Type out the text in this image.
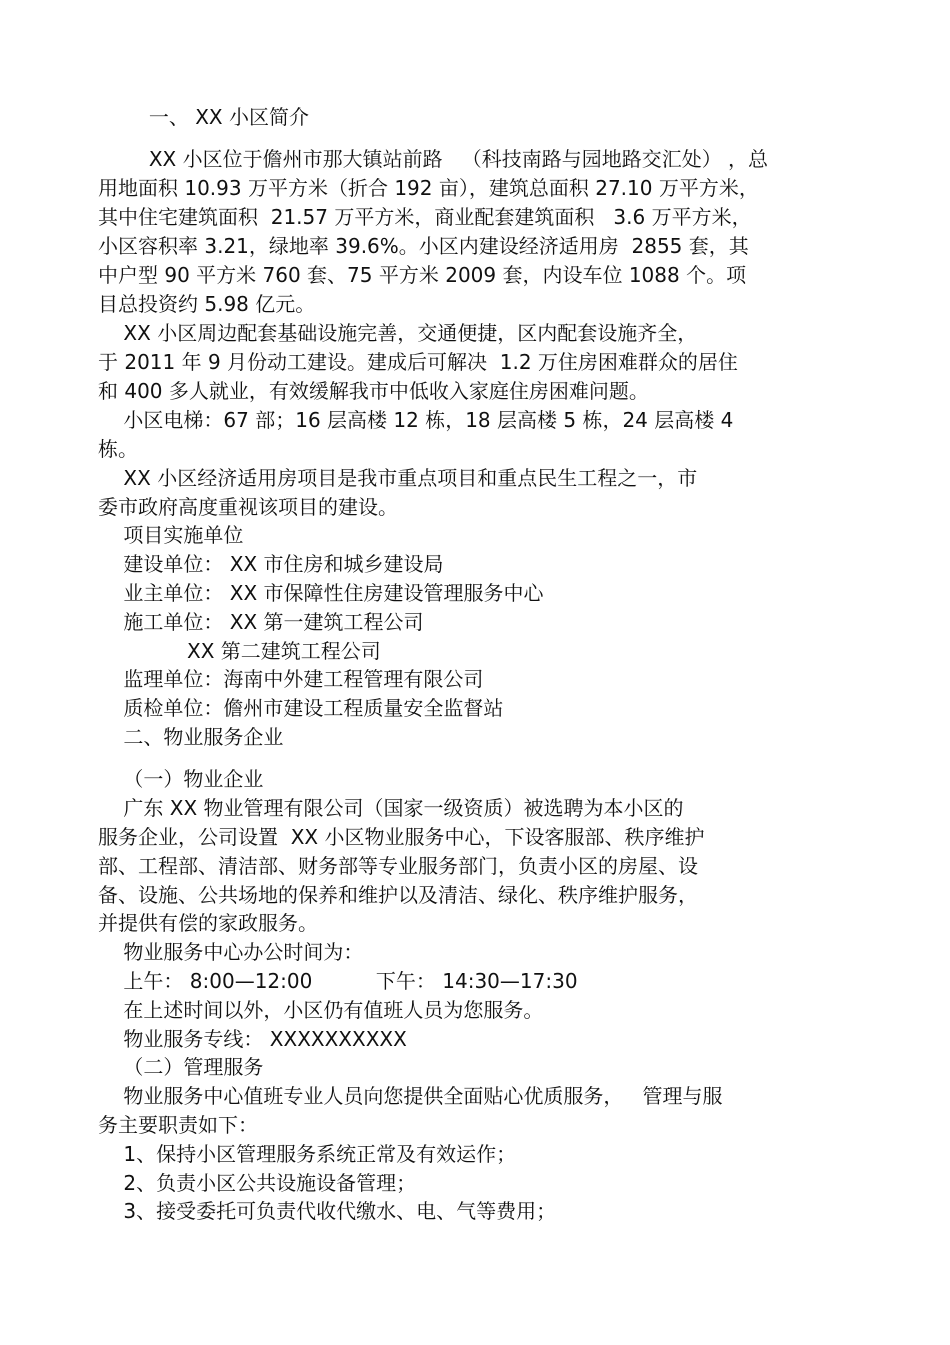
一、 XX 小区简介
XX 小区位于儋州市那大镇站前路   （科技南路与园地路交汇处） ，总
用地面积 10.93 万平方米（折合 192 亩），建筑总面积 27.10 万平方米，
其中住宅建筑面积  21.57 万平方米，商业配套建筑面积   3.6 万平方米，
小区容积率 3.21，绿地率 39.6%。小区内建设经济适用房  2855 套，其
中户型 90 平方米 760 套、75 平方米 2009 套，内设车位 1088 个。项
目总投资约 5.98 亿元。
XX 小区周边配套基础设施完善，交通便捷，区内配套设施齐全，
于 2011 年 9 月份动工建设。建成后可解决  1.2 万住房困难群众的居住
和 400 多人就业，有效缓解我市中低收入家庭住房困难问题。
小区电梯：67 部；16 层高楼 12 栋，18 层高楼 5 栋，24 层高楼 4
栋。
XX 小区经济适用房项目是我市重点项目和重点民生工程之一，市
委市政府高度重视该项目的建设。
项目实施单位
建设单位： XX 市住房和城乡建设局
业主单位： XX 市保障性住房建设管理服务中心
施工单位： XX 第一建筑工程公司
XX 第二建筑工程公司
监理单位：海南中外建工程管理有限公司
质检单位：儋州市建设工程质量安全监督站
二、物业服务企业
（一）物业企业
广东 XX 物业管理有限公司（国家一级资质）被选聘为本小区的
服务企业，公司设置  XX 小区物业服务中心，下设客服部、秩序维护
部、工程部、清洁部、财务部等专业服务部门，负责小区的房屋、设
备、设施、公共场地的保养和维护以及清洁、绿化、秩序维护服务，
并提供有偿的家政服务。
物业服务中心办公时间为：
上午： 8:00—12:00          下午： 14:30—17:30
在上述时间以外，小区仍有值班人员为您服务。
物业服务专线： XXXXXXXXXX
（二）管理服务
物业服务中心值班专业人员向您提供全面贴心优质服务，   管理与服
务主要职责如下：
1、保持小区管理服务系统正常及有效运作；
2、负责小区公共设施设备管理；
3、接受委托可负责代收代缴水、电、气等费用；
